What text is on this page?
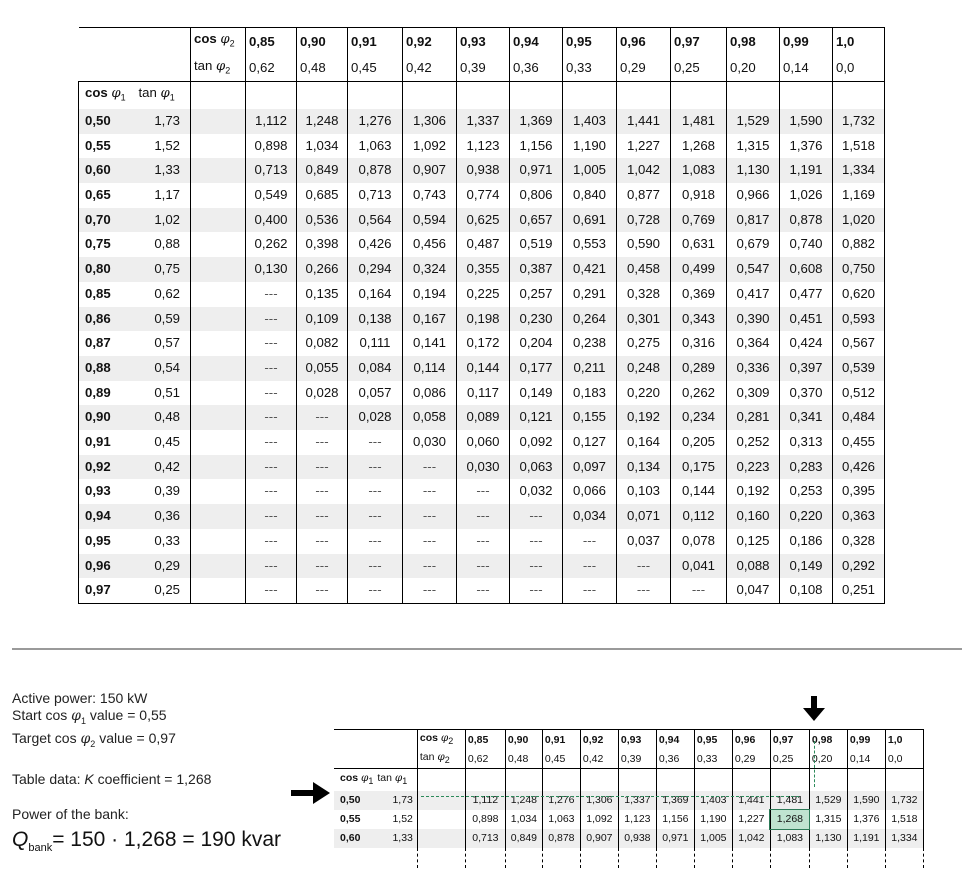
		$\cos \varphi_2$	0,85	0,90	0,91	0,92	0,93	0,94	0,95	0,96	0,97	0,98	0,99	1,0
		$\tan \varphi_2$	0,62	0,48	0,45	0,42	0,39	0,36	0,33	0,29	0,25	0,20	0,14	0,0
$\cos \varphi_1$	$\tan \varphi_1$													
0,50	1,73		1,112	1,248	1,276	1,306	1,337	1,369	1,403	1,441	1,481	1,529	1,590	1,732
0,55	1,52		0,898	1,034	1,063	1,092	1,123	1,156	1,190	1,227	1,268	1,315	1,376	1,518
0,60	1,33		0,713	0,849	0,878	0,907	0,938	0,971	1,005	1,042	1,083	1,130	1,191	1,334
0,65	1,17		0,549	0,685	0,713	0,743	0,774	0,806	0,840	0,877	0,918	0,966	1,026	1,169
0,70	1,02		0,400	0,536	0,564	0,594	0,625	0,657	0,691	0,728	0,769	0,817	0,878	1,020
0,75	0,88		0,262	0,398	0,426	0,456	0,487	0,519	0,553	0,590	0,631	0,679	0,740	0,882
0,80	0,75		0,130	0,266	0,294	0,324	0,355	0,387	0,421	0,458	0,499	0,547	0,608	0,750
0,85	0,62		---	0,135	0,164	0,194	0,225	0,257	0,291	0,328	0,369	0,417	0,477	0,620
0,86	0,59		---	0,109	0,138	0,167	0,198	0,230	0,264	0,301	0,343	0,390	0,451	0,593
0,87	0,57		---	0,082	0,111	0,141	0,172	0,204	0,238	0,275	0,316	0,364	0,424	0,567
0,88	0,54		---	0,055	0,084	0,114	0,144	0,177	0,211	0,248	0,289	0,336	0,397	0,539
0,89	0,51		---	0,028	0,057	0,086	0,117	0,149	0,183	0,220	0,262	0,309	0,370	0,512
0,90	0,48		---	---	0,028	0,058	0,089	0,121	0,155	0,192	0,234	0,281	0,341	0,484
0,91	0,45		---	---	---	0,030	0,060	0,092	0,127	0,164	0,205	0,252	0,313	0,455
0,92	0,42		---	---	---	---	0,030	0,063	0,097	0,134	0,175	0,223	0,283	0,426
0,93	0,39		---	---	---	---	---	0,032	0,066	0,103	0,144	0,192	0,253	0,395
0,94	0,36		---	---	---	---	---	---	0,034	0,071	0,112	0,160	0,220	0,363
0,95	0,33		---	---	---	---	---	---	---	0,037	0,078	0,125	0,186	0,328
0,96	0,29		---	---	---	---	---	---	---	---	0,041	0,088	0,149	0,292
0,97	0,25		---	---	---	---	---	---	---	---	---	0,047	0,108	0,251
Active power: 150 kW
Start $\cos \varphi_1$ value = 0,55
Target $\cos \varphi_2$ value = 0,97
Table data: K coefficient = 1,268
Power of the bank:
$Q_{bank}= 150 \cdot 1,268 = 190$ kvar
		$\cos \varphi_2$	0,85	0,90	0,91	0,92	0,93	0,94	0,95	0,96	0,97	0,98	0,99	1,0
		$\tan \varphi_2$	0,62	0,48	0,45	0,42	0,39	0,36	0,33	0,29	0,25	0,20	0,14	0,0
$\cos \varphi_1$	$\tan \varphi_1$													
0,50	1,73		1,112	1,248	1,276	1,306	1,337	1,369	1,403	1,441	1,481	1,529	1,590	1,732
0,55	1,52		0,898	1,034	1,063	1,092	1,123	1,156	1,190	1,227	1,268	1,315	1,376	1,518
0,60	1,33		0,713	0,849	0,878	0,907	0,938	0,971	1,005	1,042	1,083	1,130	1,191	1,334
